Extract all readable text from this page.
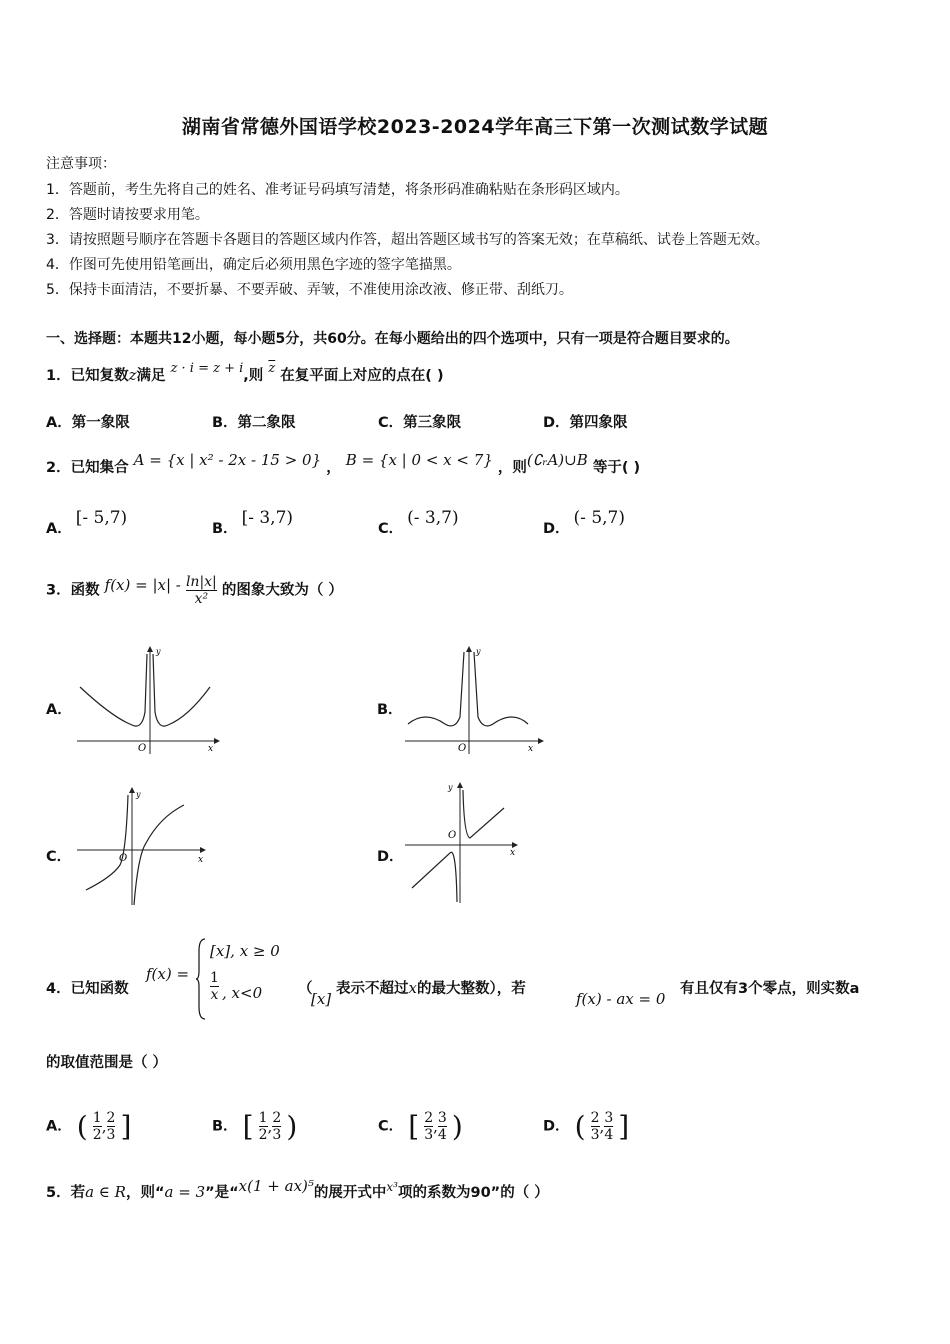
湖南省常德外国语学校2023-2024学年高三下第一次测试数学试题
注意事项：
1．答题前，考生先将自己的姓名、准考证号码填写清楚，将条形码准确粘贴在条形码区域内。
2．答题时请按要求用笔。
3．请按照题号顺序在答题卡各题目的答题区域内作答，超出答题区域书写的答案无效；在草稿纸、试卷上答题无效。
4．作图可先使用铅笔画出，确定后必须用黑色字迹的签字笔描黑。
5．保持卡面清洁，不要折暴、不要弄破、弄皱，不准使用涂改液、修正带、刮纸刀。
一、选择题：本题共12小题，每小题5分，共60分。在每小题给出的四个选项中，只有一项是符合题目要求的。
1．已知复数z满足 z · i = z + i,则 $\overline{z}$ 在复平面上对应的点在( )
A．第一象限	B．第二象限	C．第三象限	D．第四象限
2．已知集合 A = {x | x² - 2x - 15 > 0} ， B = {x | 0 < x < 7} ，则(∁ᵣA)∪B 等于( )
A．[- 5,7)
B．[- 3,7)
C．(- 3,7)
D．(- 5,7)
3．函数 $f(x) = |x| - \frac{\ln|x|}{\text{x²}}$ 的图象大致为（ ）
A．	B．
C．	D．
y
x
O
y
x
O
y
x
O
y
x
O
4．已知函数
f(x) =
[x], x ≥ 0
$\frac{1}{x}$ , x<0 （
[x]
表示不超过x的最大整数），若
f(x) - ax = 0
有且仅有3个零点，则实数a
的取值范围是（ ）
A． ( $\frac{1}{2}$ , $\frac{2}{3}$ ]	B． [ $\frac{1}{2}$ , $\frac{2}{3}$ )	C． [ $\frac{2}{3}$ , $\frac{3}{4}$ )	D． ( $\frac{2}{3}$ , $\frac{3}{4}$ ]
5．若a ∈ R，则“a = 3”是“x(1 + ax)⁵的展开式中$^{x^3}$项的系数为90”的（ ）
